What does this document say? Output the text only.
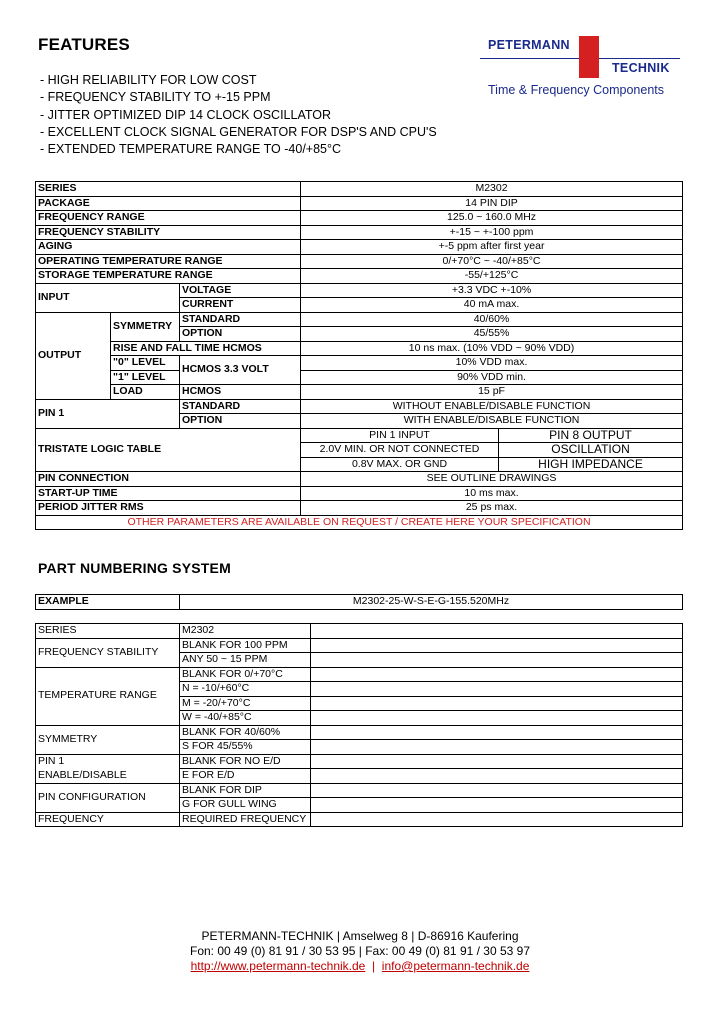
FEATURES
- HIGH RELIABILITY FOR LOW COST
- FREQUENCY STABILITY TO +-15 PPM
- JITTER OPTIMIZED DIP 14 CLOCK OSCILLATOR
- EXCELLENT CLOCK SIGNAL GENERATOR FOR DSP'S AND CPU'S
- EXTENDED TEMPERATURE RANGE TO -40/+85°C
PETERMANN
TECHNIK
Time & Frequency Components
SERIES			M2302	
PACKAGE			14 PIN DIP	
FREQUENCY RANGE			125.0 ~ 160.0 MHz	
FREQUENCY STABILITY			+-15 ~ +-100 ppm	
AGING			+-5 ppm after first year	
OPERATING TEMPERATURE RANGE			0/+70°C ~ -40/+85°C	
STORAGE TEMPERATURE RANGE			-55/+125°C	
INPUT		VOLTAGE	+3.3 VDC +-10%	
		CURRENT	40 mA max.	
OUTPUT	SYMMETRY	STANDARD	40/60%	
		OPTION	45/55%	
	RISE AND FALL TIME HCMOS		10 ns max. (10% VDD ~ 90% VDD)	
	"0" LEVEL	HCMOS 3.3 VOLT	10% VDD max.	
	"1" LEVEL		90% VDD min.	
	LOAD	HCMOS	15 pF	
PIN 1		STANDARD	WITHOUT ENABLE/DISABLE FUNCTION	
		OPTION	WITH ENABLE/DISABLE FUNCTION	
TRISTATE LOGIC TABLE			PIN 1 INPUT	PIN 8 OUTPUT
			2.0V MIN. OR NOT CONNECTED	OSCILLATION
			0.8V MAX. OR GND	HIGH IMPEDANCE
PIN CONNECTION			SEE OUTLINE DRAWINGS	
START-UP TIME			10 ms max.	
PERIOD JITTER RMS			25 ps max.	
OTHER PARAMETERS ARE AVAILABLE ON REQUEST / CREATE HERE YOUR SPECIFICATION				
PART NUMBERING SYSTEM
EXAMPLE	M2302-25-W-S-E-G-155.520MHz
SERIES	M2302	
FREQUENCY STABILITY	BLANK FOR 100 PPM	
	ANY 50 ~ 15 PPM	
TEMPERATURE RANGE	BLANK FOR 0/+70°C	
	N = -10/+60°C	
	M = -20/+70°C	
	W = -40/+85°C	
SYMMETRY	BLANK FOR 40/60%	
	S FOR 45/55%	
PIN 1	BLANK FOR NO E/D	
ENABLE/DISABLE	E FOR E/D	
PIN CONFIGURATION	BLANK FOR DIP	
	G FOR GULL WING	
FREQUENCY	REQUIRED FREQUENCY	
PETERMANN-TECHNIK | Amselweg 8 | D-86916 Kaufering
Fon: 00 49 (0) 81 91 / 30 53 95 | Fax: 00 49 (0) 81 91 / 30 53 97
http://www.petermann-technik.de  |  info@petermann-technik.de
